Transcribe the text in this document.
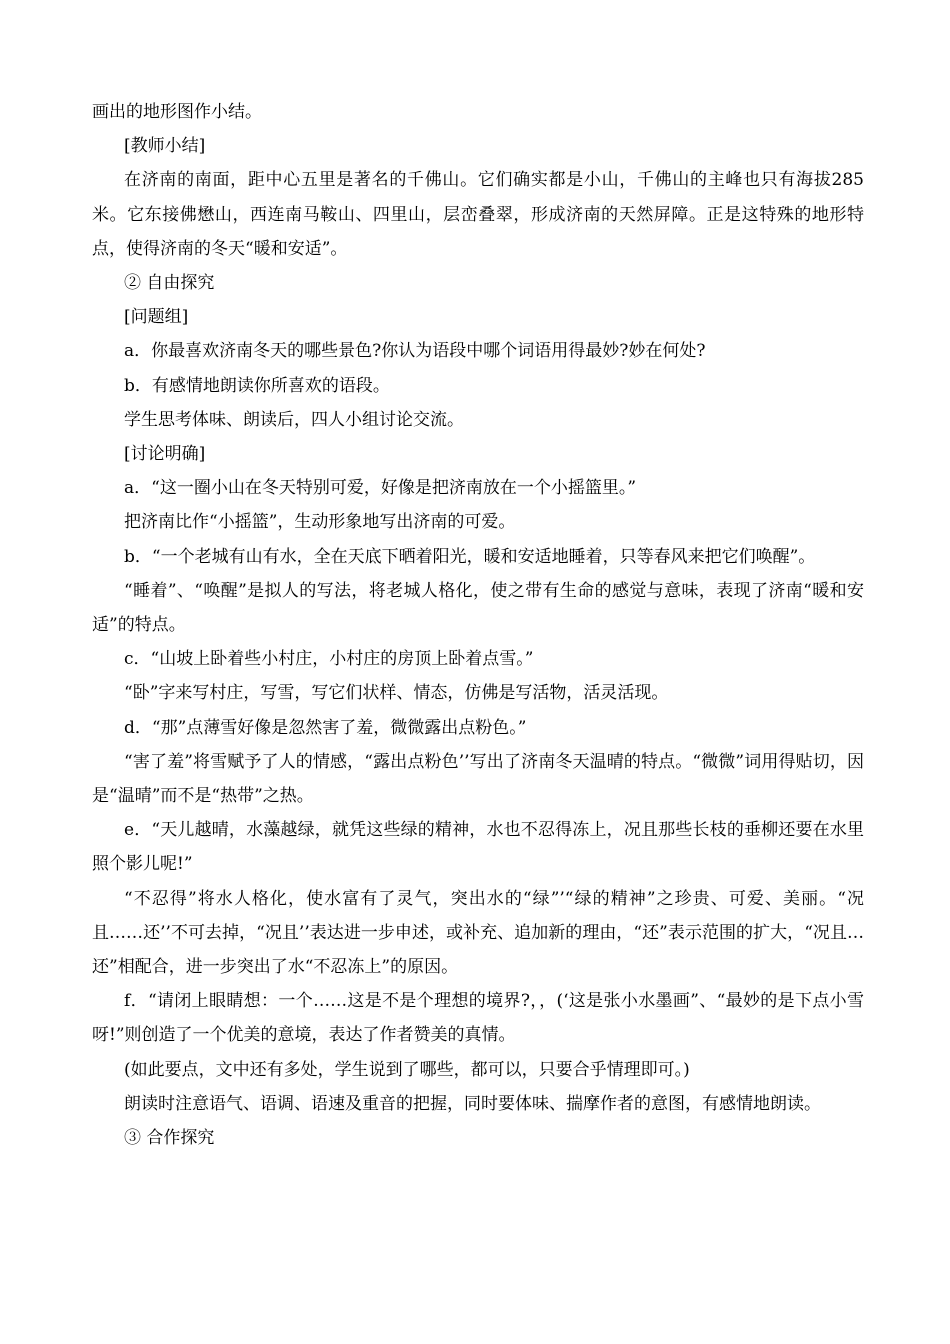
画出的地形图作小结。

[教师小结]

在济南的南面，距中心五里是著名的千佛山。它们确实都是小山，千佛山的主峰也只有海拔285米。它东接佛懋山，西连南马鞍山、四里山，层峦叠翠，形成济南的天然屏障。正是这特殊的地形特点，使得济南的冬天“暖和安适”。

② 自由探究

[问题组]

a．你最喜欢济南冬天的哪些景色?你认为语段中哪个词语用得最妙?妙在何处?

b．有感情地朗读你所喜欢的语段。

学生思考体味、朗读后，四人小组讨论交流。

[讨论明确]

a．“这一圈小山在冬天特别可爱，好像是把济南放在一个小摇篮里。”

把济南比作“小摇篮”，生动形象地写出济南的可爱。

b．“一个老城有山有水，全在天底下晒着阳光，暖和安适地睡着，只等春风来把它们唤醒”。

“睡着”、“唤醒”是拟人的写法，将老城人格化，使之带有生命的感觉与意味，表现了济南“暖和安适”的特点。

c．“山坡上卧着些小村庄，小村庄的房顶上卧着点雪。”

“卧”字来写村庄，写雪，写它们状样、情态，仿佛是写活物，活灵活现。

d．“那”点薄雪好像是忽然害了羞，微微露出点粉色。”

“害了羞”将雪赋予了人的情感，“露出点粉色’’写出了济南冬天温晴的特点。“微微”词用得贴切，因是“温晴”而不是“热带”之热。

e．“天儿越晴，水藻越绿，就凭这些绿的精神，水也不忍得冻上，况且那些长枝的垂柳还要在水里照个影儿呢!”

“不忍得”将水人格化，使水富有了灵气，突出水的“绿”’“绿的精神”之珍贵、可爱、美丽。“况且……还’’不可去掉，“况且’’表达进一步申述，或补充、追加新的理由，“还”表示范围的扩大，“况且…还”相配合，进一步突出了水“不忍冻上”的原因。

f．“请闭上眼睛想：一个……这是不是个理想的境界?，，(‘这是张小水墨画”、“最妙的是下点小雪呀!”则创造了一个优美的意境，表达了作者赞美的真情。

(如此要点，文中还有多处，学生说到了哪些，都可以，只要合乎情理即可。)

朗读时注意语气、语调、语速及重音的把握，同时要体味、揣摩作者的意图，有感情地朗读。

③ 合作探究
